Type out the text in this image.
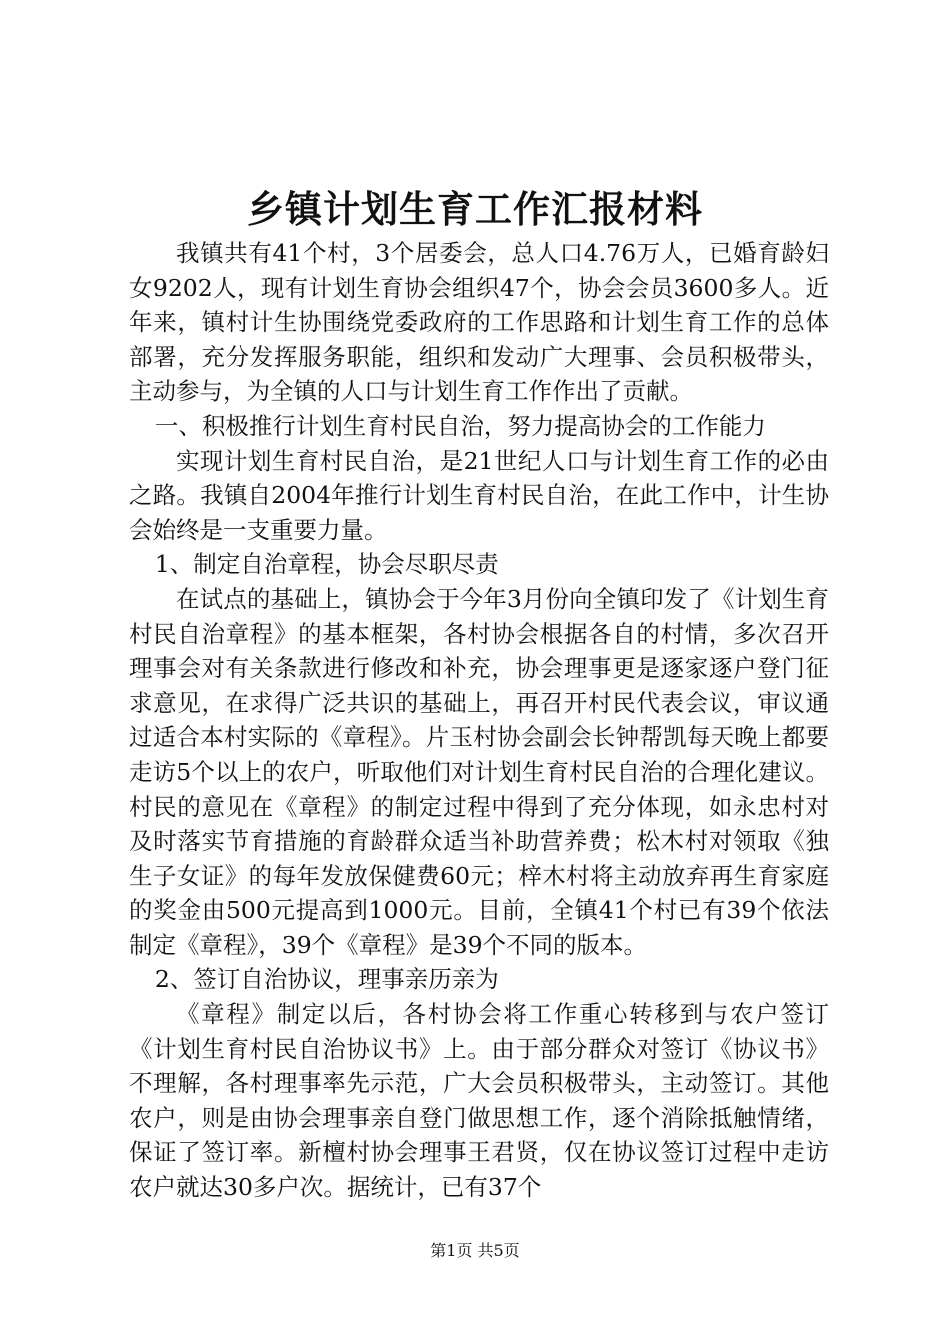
乡镇计划生育工作汇报材料

我镇共有41个村，3个居委会，总人口4.76万人，已婚育龄妇女9202人，现有计划生育协会组织47个，协会会员3600多人。近年来，镇村计生协围绕党委政府的工作思路和计划生育工作的总体部署，充分发挥服务职能，组织和发动广大理事、会员积极带头，主动参与，为全镇的人口与计划生育工作作出了贡献。

一、积极推行计划生育村民自治，努力提高协会的工作能力

实现计划生育村民自治，是21世纪人口与计划生育工作的必由之路。我镇自2004年推行计划生育村民自治，在此工作中，计生协会始终是一支重要力量。

1、制定自治章程，协会尽职尽责

在试点的基础上，镇协会于今年3月份向全镇印发了《计划生育村民自治章程》的基本框架，各村协会根据各自的村情，多次召开理事会对有关条款进行修改和补充，协会理事更是逐家逐户登门征求意见，在求得广泛共识的基础上，再召开村民代表会议，审议通过适合本村实际的《章程》。片玉村协会副会长钟帮凯每天晚上都要走访5个以上的农户，听取他们对计划生育村民自治的合理化建议。村民的意见在《章程》的制定过程中得到了充分体现，如永忠村对及时落实节育措施的育龄群众适当补助营养费；松木村对领取《独生子女证》的每年发放保健费60元；梓木村将主动放弃再生育家庭的奖金由500元提高到1000元。目前，全镇41个村已有39个依法制定《章程》，39个《章程》是39个不同的版本。

2、签订自治协议，理事亲历亲为

《章程》制定以后，各村协会将工作重心转移到与农户签订《计划生育村民自治协议书》上。由于部分群众对签订《协议书》不理解，各村理事率先示范，广大会员积极带头，主动签订。其他农户，则是由协会理事亲自登门做思想工作，逐个消除抵触情绪，保证了签订率。新檀村协会理事王君贤，仅在协议签订过程中走访农户就达30多户次。据统计，已有37个

第1页 共5页
